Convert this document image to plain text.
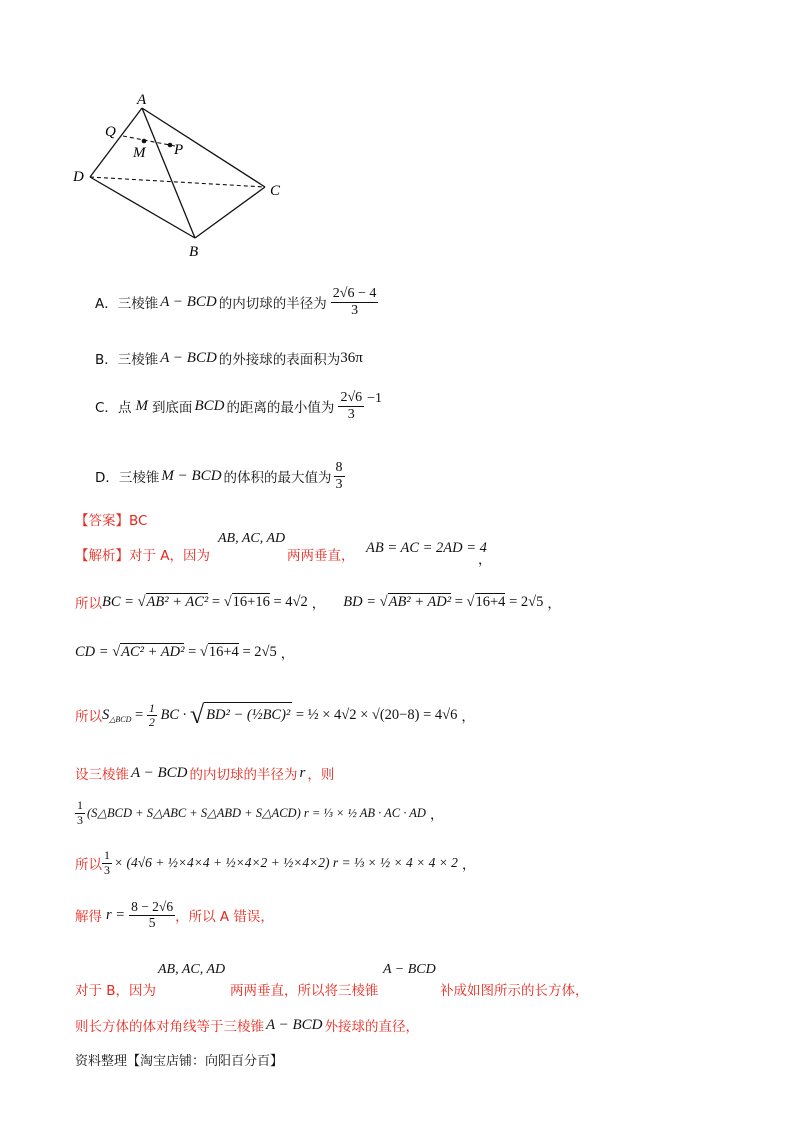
A
Q
M P
D
C
B
A． 三棱锥 A − BCD 的内切球的半径为 $\frac{2√6 - 4}{3}$
B． 三棱锥 A − BCD 的外接球的表面积为 36π
C． 点 M 到底面 BCD 的距离的最小值为 $\frac{2√6}{3} -1$
D． 三棱锥 M − BCD 的体积的最大值为 $\frac{8}{3}$
【答案】BC
【解析】对于 A，因为
AB, AC, AD
两两垂直， AB = AC = 2AD = 4
，
所以 BC = √AB² + AC² = √16+16 = 4√2 ， BD = √AB² + AD² = √16+4 = 2√5 ，
CD = √AC² + AD² = √16+4 = 2√5 ，
所以 $S_{\triangle BCD} = \frac{1}{2}$ BC · √ BD² − (½BC)² = ½ × 4√2 × √(20−8) = 4√6 ，
设三棱锥 A − BCD 的内切球的半径为 r ，则
$\frac{1}{3}$ (S△BCD + S△ABC + S△ABD + S△ACD) r = ⅓ × ½ AB · AC · AD ，
所以 $\frac{1}{3} \times (4√6$ + ½×4×4 + ½×4×2 + ½×4×2) r = ⅓ × ½ × 4 × 4 × 2 ，
解得 $r = \frac{8 - 2√6}{5}$ ，所以 A 错误，
对于 B，因为
AB, AC, AD
两两垂直，所以将三棱锥
A − BCD
补成如图所示的长方体，
则长方体的体对角线等于三棱锥 A − BCD 外接球的直径，
资料整理【淘宝店铺：向阳百分百】
